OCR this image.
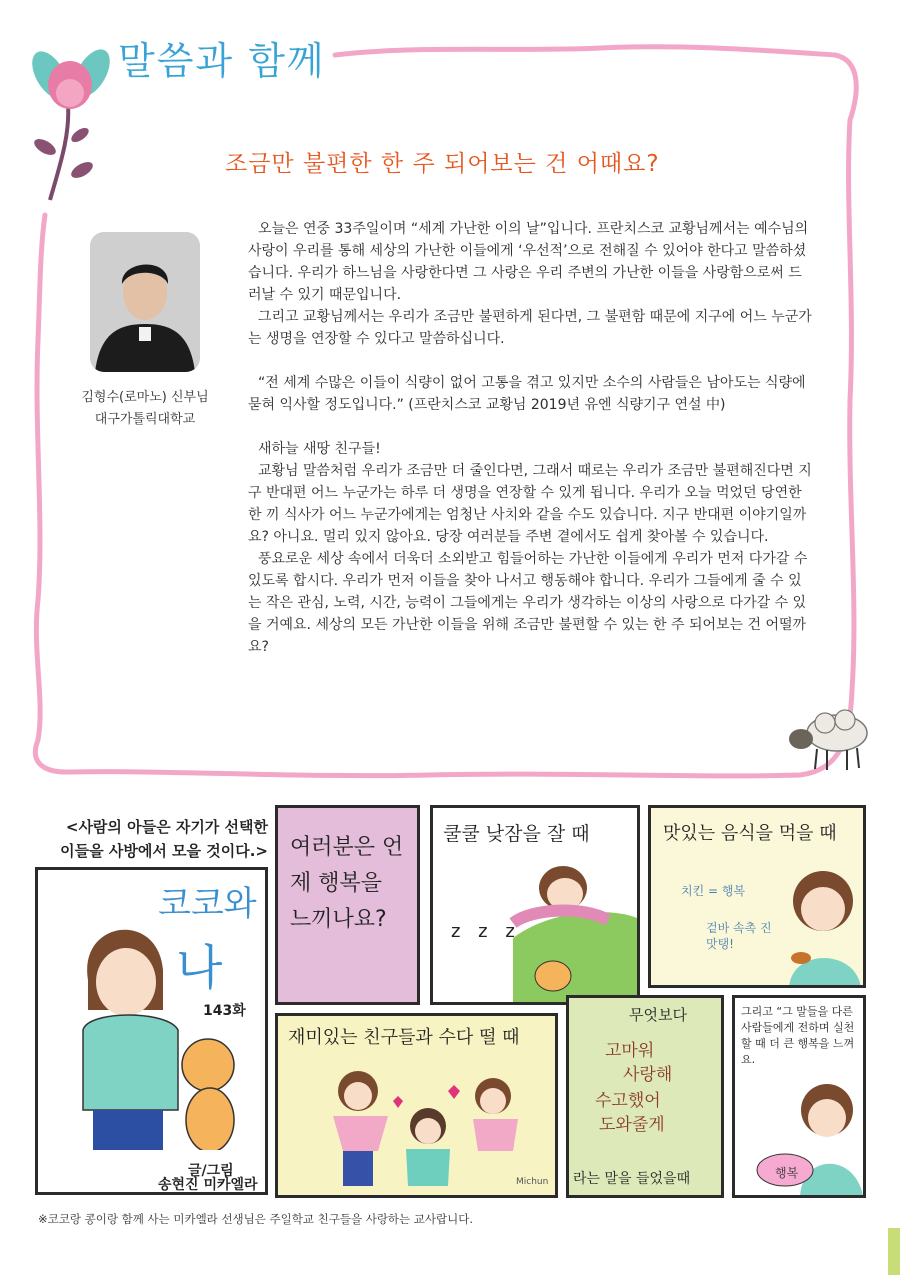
말씀과 함께
조금만 불편한 한 주 되어보는 건 어때요?
김형수(로마노) 신부님
대구가톨릭대학교

오늘은 연중 33주일이며 “세계 가난한 이의 날”입니다. 프란치스코 교황님께서는 예수님의 사랑이 우리를 통해 세상의 가난한 이들에게 ‘우선적’으로 전해질 수 있어야 한다고 말씀하셨습니다. 우리가 하느님을 사랑한다면 그 사랑은 우리 주변의 가난한 이들을 사랑함으로써 드러날 수 있기 때문입니다.

그리고 교황님께서는 우리가 조금만 불편하게 된다면, 그 불편함 때문에 지구에 어느 누군가는 생명을 연장할 수 있다고 말씀하십니다.

“전 세계 수많은 이들이 식량이 없어 고통을 겪고 있지만 소수의 사람들은 남아도는 식량에 묻혀 익사할 정도입니다.” (프란치스코 교황님 2019년 유엔 식량기구 연설 中)

새하늘 새땅 친구들!

교황님 말씀처럼 우리가 조금만 더 줄인다면, 그래서 때로는 우리가 조금만 불편해진다면 지구 반대편 어느 누군가는 하루 더 생명을 연장할 수 있게 됩니다. 우리가 오늘 먹었던 당연한 한 끼 식사가 어느 누군가에게는 엄청난 사치와 같을 수도 있습니다. 지구 반대편 이야기일까요? 아니요. 멀리 있지 않아요. 당장 여러분들 주변 곁에서도 쉽게 찾아볼 수 있습니다.

풍요로운 세상 속에서 더욱더 소외받고 힘들어하는 가난한 이들에게 우리가 먼저 다가갈 수 있도록 합시다. 우리가 먼저 이들을 찾아 나서고 행동해야 합니다. 우리가 그들에게 줄 수 있는 작은 관심, 노력, 시간, 능력이 그들에게는 우리가 생각하는 이상의 사랑으로 다가갈 수 있을 거예요. 세상의 모든 가난한 이들을 위해 조금만 불편할 수 있는 한 주 되어보는 건 어떨까요?

<사람의 아들은 자기가 선택한
이들을 사방에서 모을 것이다.>
코코와
나
143화
글/그림
송현진 미카엘라
여러분은 언제 행복을 느끼나요?
쿨쿨 낮잠을 잘 때
z z z
맛있는 음식을 먹을 때
치킨 = 행복
겉바 속촉 진맛탱!
재미있는 친구들과 수다 떨 때
Michun
무엇보다
고마워
사랑해
수고했어
도와줄게
라는 말을 들었을때
그리고 “그 말들을 다른 사람들에게 전하며 실천할 때 더 큰 행복을 느껴요.
행복
※코코랑 콩이랑 함께 사는 미카엘라 선생님은 주일학교 친구들을 사랑하는 교사랍니다.
